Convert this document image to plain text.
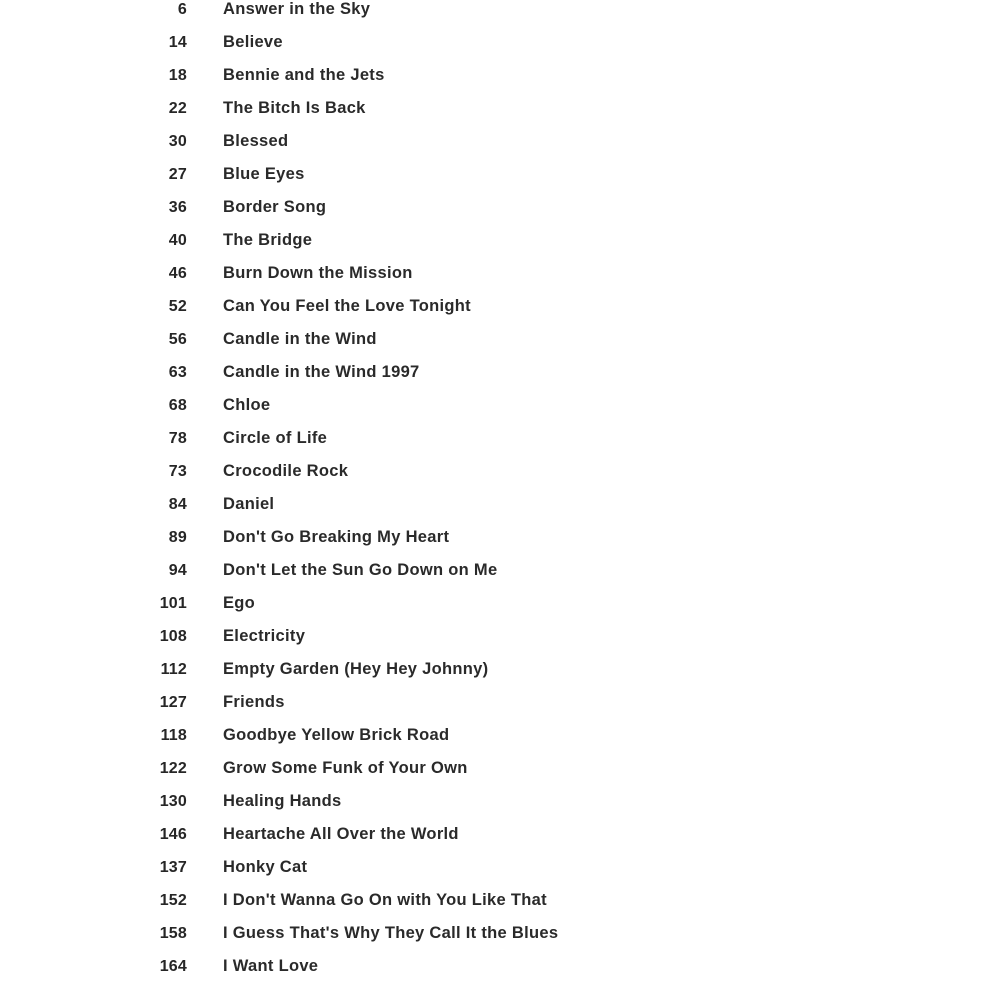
6 Answer in the Sky
14 Believe
18 Bennie and the Jets
22 The Bitch Is Back
30 Blessed
27 Blue Eyes
36 Border Song
40 The Bridge
46 Burn Down the Mission
52 Can You Feel the Love Tonight
56 Candle in the Wind
63 Candle in the Wind 1997
68 Chloe
78 Circle of Life
73 Crocodile Rock
84 Daniel
89 Don't Go Breaking My Heart
94 Don't Let the Sun Go Down on Me
101 Ego
108 Electricity
112 Empty Garden (Hey Hey Johnny)
127 Friends
118 Goodbye Yellow Brick Road
122 Grow Some Funk of Your Own
130 Healing Hands
146 Heartache All Over the World
137 Honky Cat
152 I Don't Wanna Go On with You Like That
158 I Guess That's Why They Call It the Blues
164 I Want Love
